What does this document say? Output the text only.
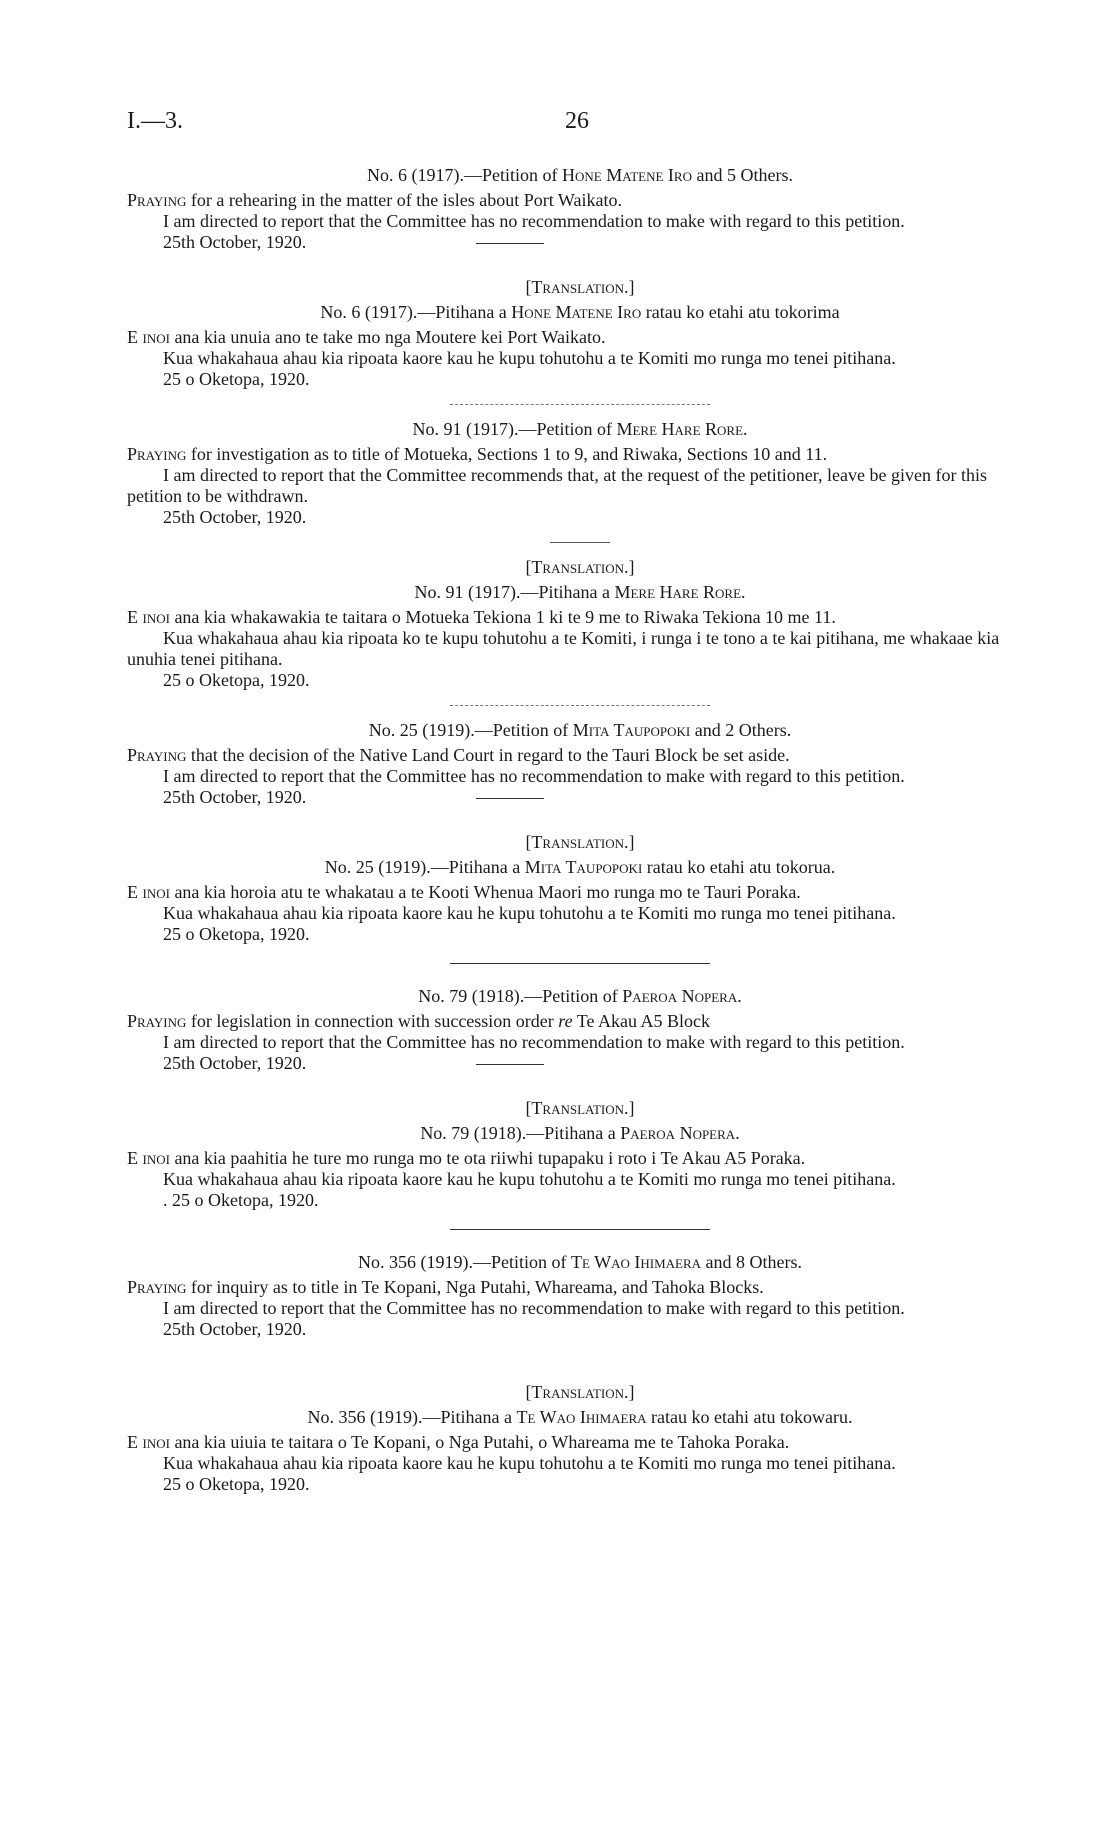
I.—3.	26

No. 6 (1917).—Petition of Hone Matene Iro and 5 Others.

Praying for a rehearing in the matter of the isles about Port Waikato.

I am directed to report that the Committee has no recommendation to make with regard to this petition.

25th October, 1920.

[Translation.]

No. 6 (1917).—Pitihana a Hone Matene Iro ratau ko etahi atu tokorima

E inoi ana kia unuia ano te take mo nga Moutere kei Port Waikato.

Kua whakahaua ahau kia ripoata kaore kau he kupu tohutohu a te Komiti mo runga mo tenei pitihana.

25 o Oketopa, 1920.

No. 91 (1917).—Petition of Mere Hare Rore.

Praying for investigation as to title of Motueka, Sections 1 to 9, and Riwaka, Sections 10 and 11.

I am directed to report that the Committee recommends that, at the request of the petitioner, leave be given for this petition to be withdrawn.

25th October, 1920.

[Translation.]

No. 91 (1917).—Pitihana a Mere Hare Rore.

E inoi ana kia whakawakia te taitara o Motueka Tekiona 1 ki te 9 me to Riwaka Tekiona 10 me 11.

Kua whakahaua ahau kia ripoata ko te kupu tohutohu a te Komiti, i runga i te tono a te kai pitihana, me whakaae kia unuhia tenei pitihana.

25 o Oketopa, 1920.

No. 25 (1919).—Petition of Mita Taupopoki and 2 Others.

Praying that the decision of the Native Land Court in regard to the Tauri Block be set aside.

I am directed to report that the Committee has no recommendation to make with regard to this petition.

25th October, 1920.

[Translation.]

No. 25 (1919).—Pitihana a Mita Taupopoki ratau ko etahi atu tokorua.

E inoi ana kia horoia atu te whakatau a te Kooti Whenua Maori mo runga mo te Tauri Poraka.

Kua whakahaua ahau kia ripoata kaore kau he kupu tohutohu a te Komiti mo runga mo tenei pitihana.

25 o Oketopa, 1920.

No. 79 (1918).—Petition of Paeroa Nopera.

Praying for legislation in connection with succession order re Te Akau A5 Block

I am directed to report that the Committee has no recommendation to make with regard to this petition.

25th October, 1920.

[Translation.]

No. 79 (1918).—Pitihana a Paeroa Nopera.

E inoi ana kia paahitia he ture mo runga mo te ota riiwhi tupapaku i roto i Te Akau A5 Poraka.

Kua whakahaua ahau kia ripoata kaore kau he kupu tohutohu a te Komiti mo runga mo tenei pitihana.

. 25 o Oketopa, 1920.

No. 356 (1919).—Petition of Te Wao Ihimaera and 8 Others.

Praying for inquiry as to title in Te Kopani, Nga Putahi, Whareama, and Tahoka Blocks.

I am directed to report that the Committee has no recommendation to make with regard to this petition.

25th October, 1920.

[Translation.]

No. 356 (1919).—Pitihana a Te Wao Ihimaera ratau ko etahi atu tokowaru.

E inoi ana kia uiuia te taitara o Te Kopani, o Nga Putahi, o Whareama me te Tahoka Poraka.

Kua whakahaua ahau kia ripoata kaore kau he kupu tohutohu a te Komiti mo runga mo tenei pitihana.

25 o Oketopa, 1920.
